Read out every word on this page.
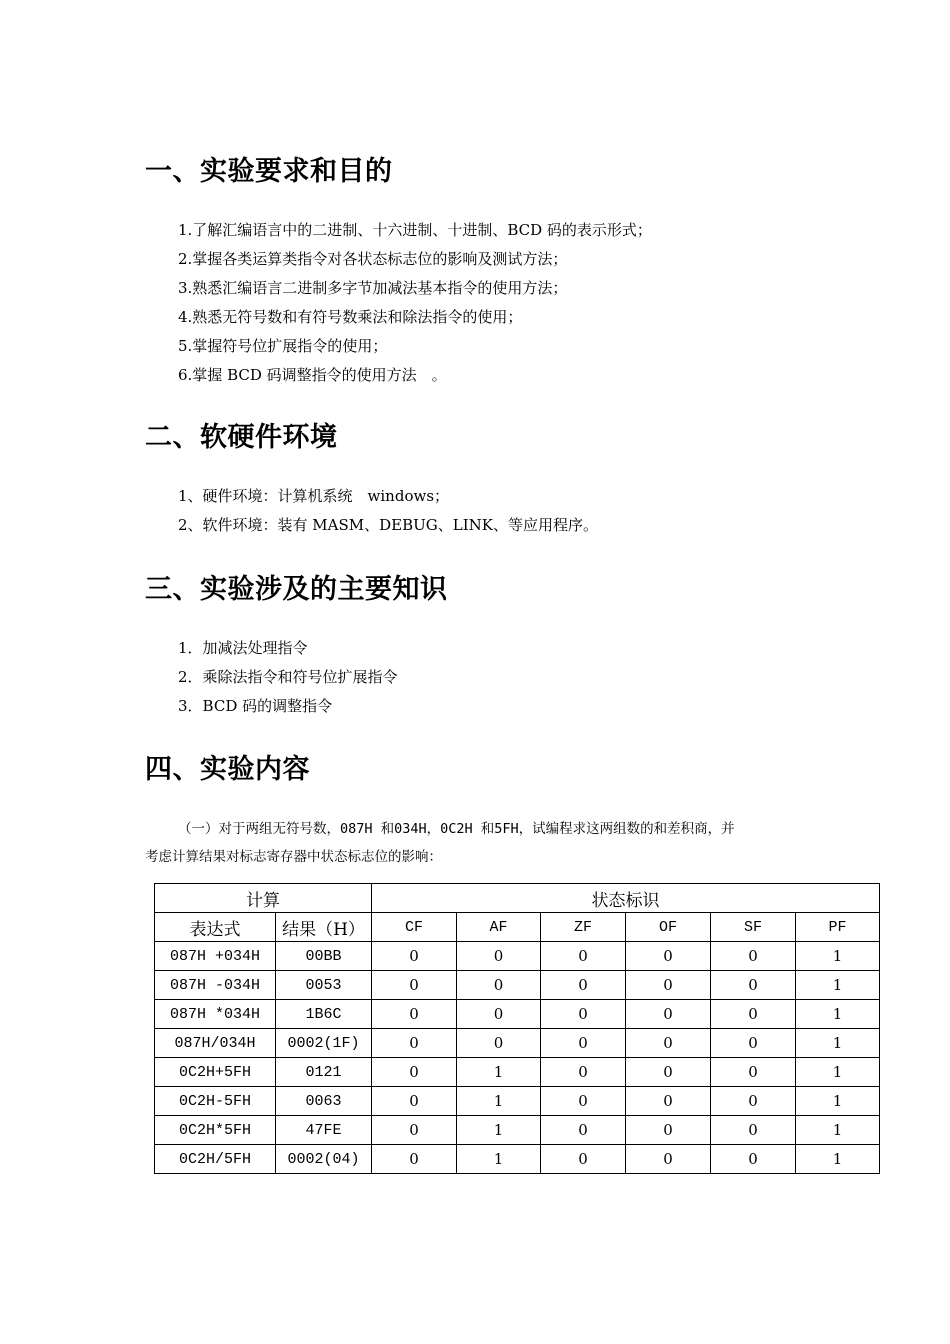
一、实验要求和目的
1.了解汇编语言中的二进制、十六进制、十进制、BCD 码的表示形式；
2.掌握各类运算类指令对各状态标志位的影响及测试方法；
3.熟悉汇编语言二进制多字节加减法基本指令的使用方法；
4.熟悉无符号数和有符号数乘法和除法指令的使用；
5.掌握符号位扩展指令的使用；
6.掌握 BCD 码调整指令的使用方法　。
二、软硬件环境
1、硬件环境：计算机系统　windows；
2、软件环境：装有 MASM、DEBUG、LINK、等应用程序。
三、实验涉及的主要知识
1．加减法处理指令
2．乘除法指令和符号位扩展指令
3．BCD 码的调整指令
四、实验内容

（一）对于两组无符号数，087H 和034H，0C2H 和5FH，试编程求这两组数的和差积商，并

考虑计算结果对标志寄存器中状态标志位的影响：

计算		状态标识					
表达式	结果（H）	CF	AF	ZF	OF	SF	PF
087H +034H	00BB	0	0	0	0	0	1
087H -034H	0053	0	0	0	0	0	1
087H *034H	1B6C	0	0	0	0	0	1
087H/034H	0002(1F)	0	0	0	0	0	1
0C2H+5FH	0121	0	1	0	0	0	1
0C2H-5FH	0063	0	1	0	0	0	1
0C2H*5FH	47FE	0	1	0	0	0	1
0C2H/5FH	0002(04)	0	1	0	0	0	1
